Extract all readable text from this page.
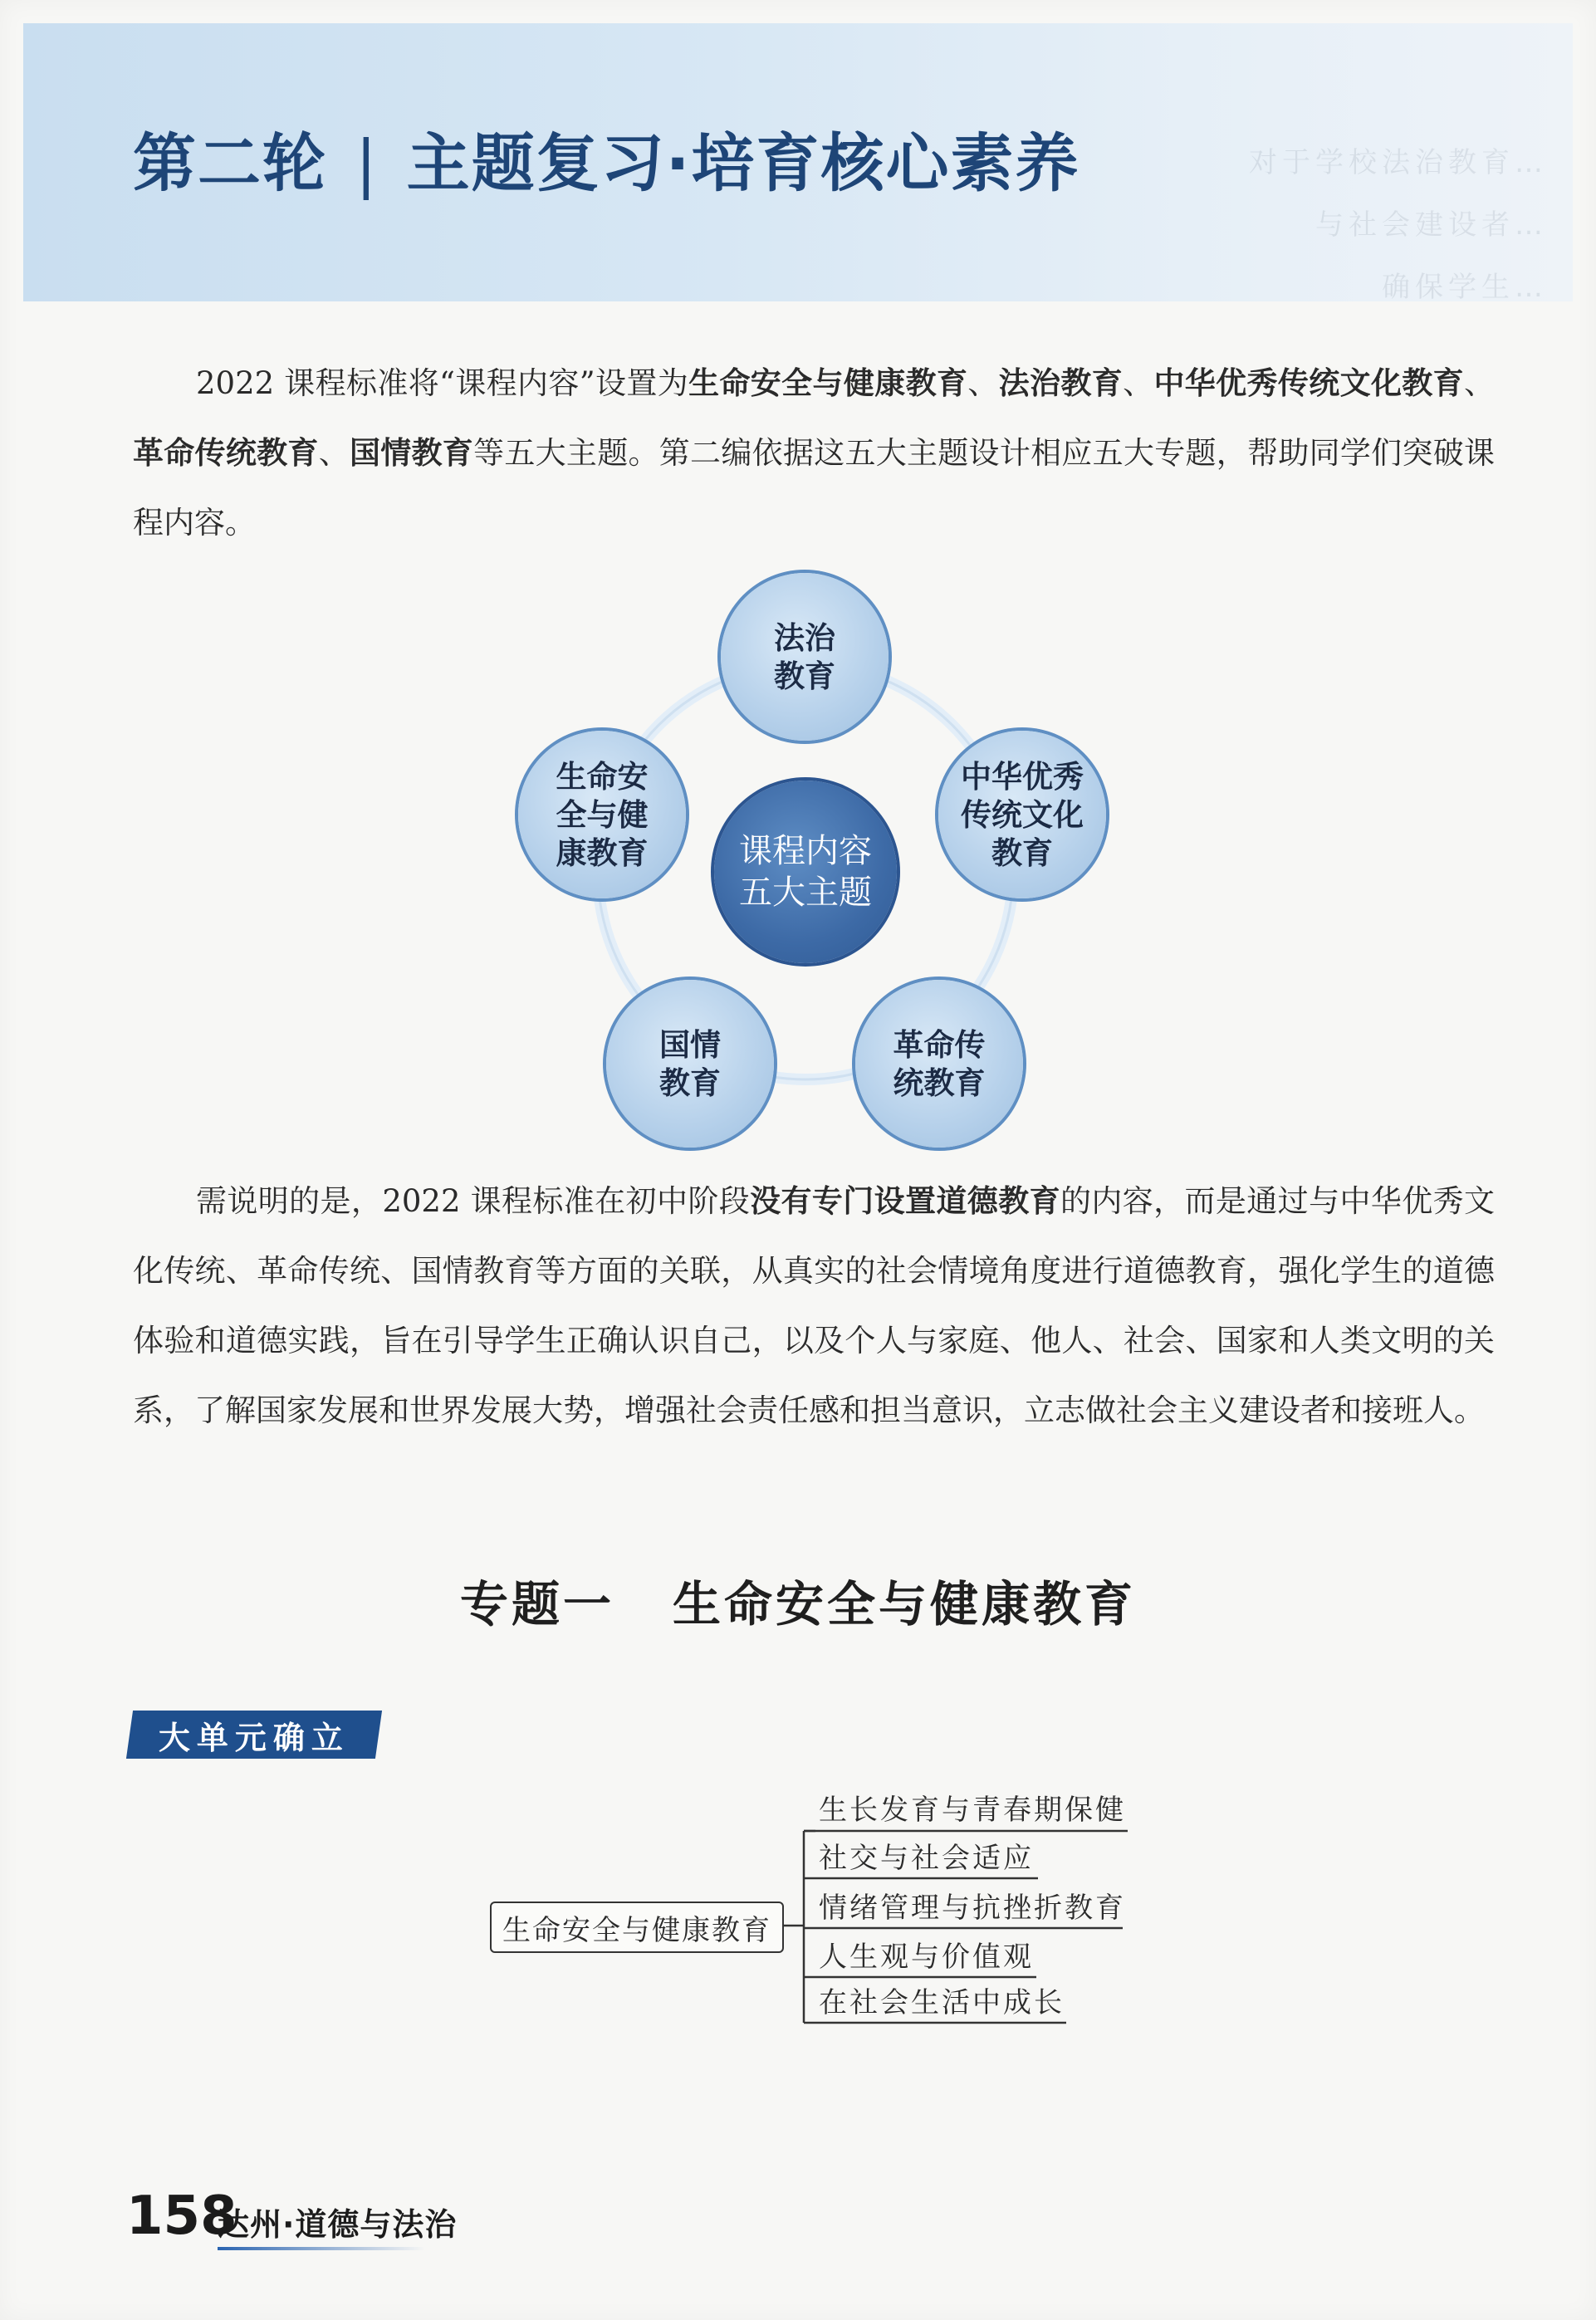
对于学校法治教育…
与社会建设者…
确保学生…
第二轮 | 主题复习·培育核心素养
2022 课程标准将“课程内容”设置为生命安全与健康教育、法治教育、中华优秀传统文化教育、革命传统教育、国情教育等五大主题。第二编依据这五大主题设计相应五大专题，帮助同学们突破课程内容。
课程内容
五大主题
法治
教育
中华优秀
传统文化
教育
革命传
统教育
国情
教育
生命安
全与健
康教育
需说明的是，2022 课程标准在初中阶段没有专门设置道德教育的内容，而是通过与中华优秀文化传统、革命传统、国情教育等方面的关联，从真实的社会情境角度进行道德教育，强化学生的道德体验和道德实践，旨在引导学生正确认识自己，以及个人与家庭、他人、社会、国家和人类文明的关系，了解国家发展和世界发展大势，增强社会责任感和担当意识，立志做社会主义建设者和接班人。
专题一 生命安全与健康教育
大单元确立
生命安全与健康教育
生长发育与青春期保健
社交与社会适应
情绪管理与抗挫折教育
人生观与价值观
在社会生活中成长
158
达州·道德与法治
